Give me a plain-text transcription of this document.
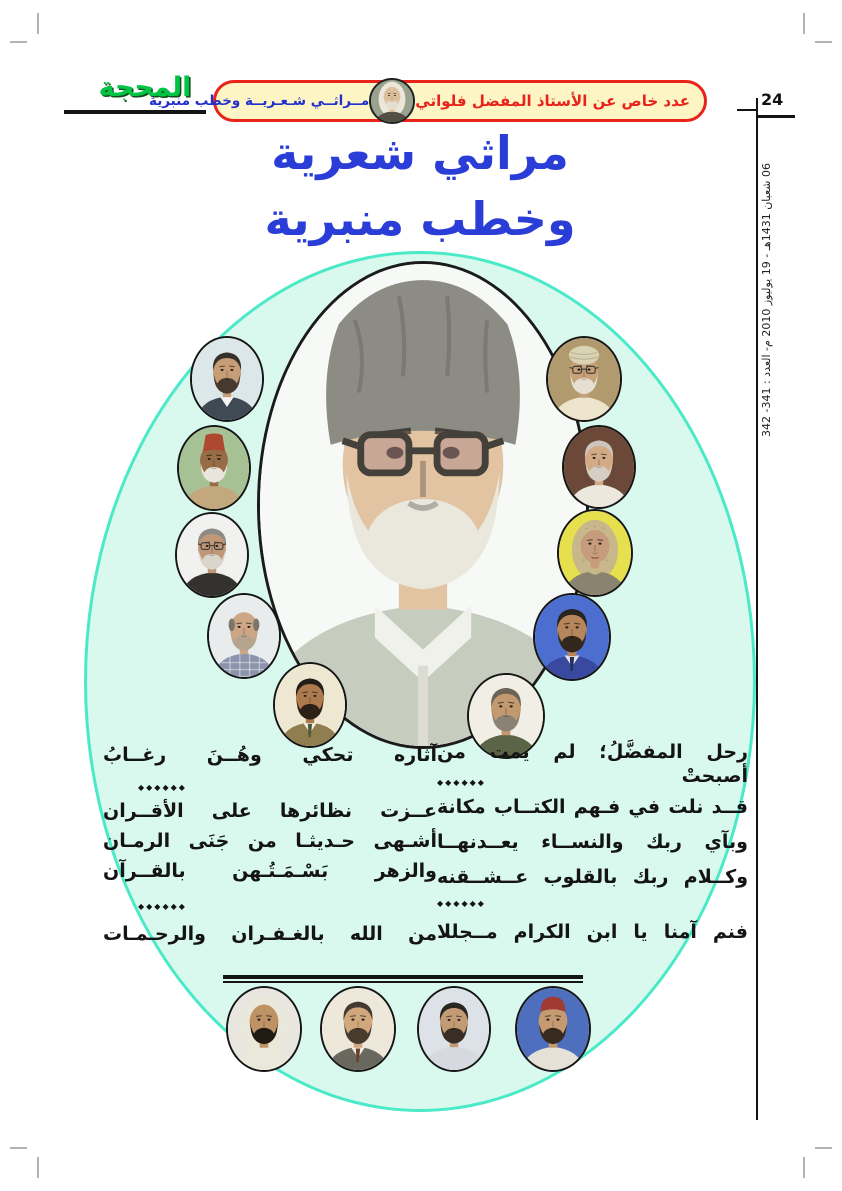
المحجة	عدد خاص عن الأستاذ المفضل فلواتي
مــراثــي شـعـريــة وخطب منبرية	24
06 شعبان 1431هـ - 19 يوليوز 2010 م- العدد : 341- 342
مراثي شعرية
وخطب منبرية
رحل المفضَّلُ؛ لم يمت من أصبحتْ
◆◆◆◆◆◆
قــد نلت في فـهم الكتــاب مكانة
وبآي ربك والنســاء يعــدنهــا
وكــلام ربك بالقلوب عــشــقنه
◆◆◆◆◆◆
فنم آمنا يا ابن الكرام مــجللا
آثاره تحكي وهُــنَ رغــابُ
◆◆◆◆◆◆
عــزت نظائرها على الأقــران
أشـهى حـديثـا من جَنَى الرمـان
والزهر بَسْـمَـتُـهن بالقــرآن
◆◆◆◆◆◆
من الله بالغـفـران والرحـمـات
